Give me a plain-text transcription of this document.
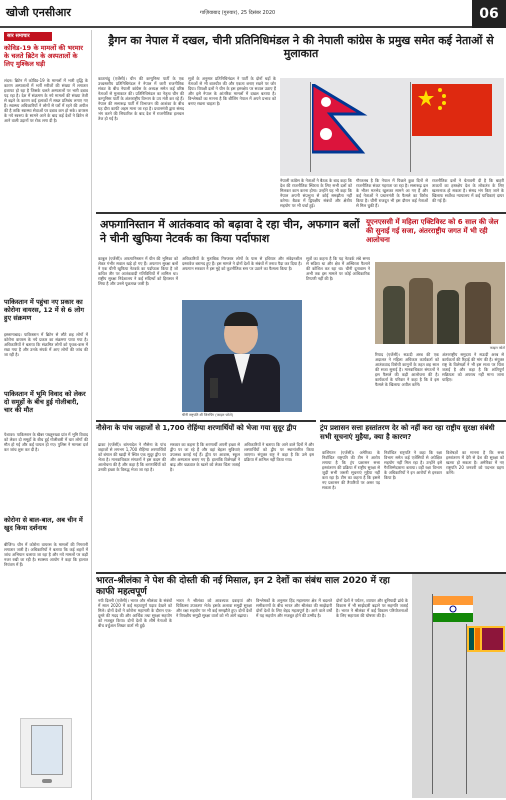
खोजी एनसीआर	गाज़ियाबाद (गुरुवार), 25 दिसंबर 2020	06
सार समाचार
कोविड-19 के मामलों की भरमार के चलते ब्रिटेन के अस्पतालों के लिए मुश्किल घड़ी
लंदन। ब्रिटेन में कोविड-19 के मामलों में भारी वृद्धि के कारण अस्पतालों में भर्ती मरीजों की संख्या में लगातार इजाफा हो रहा है जिसके चलते अस्पतालों पर भारी दबाव पड़ रहा है। देश में संक्रमण के नये मामलों की संख्या तेजी से बढ़ने के कारण कई इलाकों में सख्त प्रतिबंध लगाए गए हैं। स्वास्थ्य अधिकारियों ने लोगों से घरों में रहने की अपील की है ताकि स्वास्थ्य सेवाओं पर दबाव कम हो सके। वायरस के नये स्वरूप के सामने आने के बाद कई देशों ने ब्रिटेन से आने वाली उड़ानों पर रोक लगा दी है।
पाकिस्तान में पहुंचा नए प्रकार का कोरोना वायरस, 12 में से 6 लोग हुए संक्रमण
इस्लामाबाद। पाकिस्तान में ब्रिटेन से लौटे छह लोगों में कोरोना वायरस के नये प्रकार का संक्रमण पाया गया है। अधिकारियों ने बताया कि संक्रमित लोगों को पृथक-वास में रखा गया है और उनके संपर्क में आए लोगों की जांच की जा रही है।
पाकिस्तान में भूमि विवाद को लेकर दो समूहों के बीच हुई गोलीबारी, चार की मौत
पेशावर। पाकिस्तान के खैबर पख्तूनख्वा प्रांत में भूमि विवाद को लेकर दो समूहों के बीच हुई गोलीबारी में चार लोगों की मौत हो गई और कई घायल हो गए। पुलिस ने मामला दर्ज कर जांच शुरू कर दी है।
कोरोना से बाल-बाल, अब चीन में खुद किया दर्शनाथ
बीजिंग। चीन में कोरोना वायरस के मामलों की निगरानी लगातार जारी है। अधिकारियों ने बताया कि कई शहरों में जांच अभियान चलाया जा रहा है और नये मामलों पर कड़ी नजर रखी जा रही है। स्वास्थ्य आयोग ने कहा कि हालात नियंत्रण में हैं।
ड्रैगन का नेपाल में दखल, चीनी प्रतिनिधिमंडल ने की नेपाली कांग्रेस के प्रमुख समेत कई नेताओं से मुलाकात
काठमांडू (एजेंसी)। चीन की कम्युनिस्ट पार्टी के एक उच्चस्तरीय प्रतिनिधिमंडल ने नेपाल में जारी राजनीतिक संकट के बीच नेपाली कांग्रेस के अध्यक्ष समेत कई वरिष्ठ नेताओं से मुलाकात की। प्रतिनिधिमंडल का नेतृत्व चीन की कम्युनिस्ट पार्टी के अंतरराष्ट्रीय विभाग के उप मंत्री कर रहे हैं। नेपाल की सत्तारूढ़ पार्टी में विभाजन की आशंका के बीच यह दौरा काफी अहम माना जा रहा है। प्रधानमंत्री द्वारा संसद भंग करने की सिफारिश के बाद देश में राजनीतिक हलचल तेज हो गई है।
सूत्रों के अनुसार प्रतिनिधिमंडल ने पार्टी के दोनों धड़ों के नेताओं से भी बातचीत की और एकता बनाए रखने पर जोर दिया। विपक्षी दलों ने चीन के इस हस्तक्षेप पर सवाल उठाए हैं और इसे नेपाल के आंतरिक मामलों में दखल बताया है। विश्लेषकों का मानना है कि बीजिंग नेपाल में अपने प्रभाव को बनाए रखना चाहता है।
नेपाली कांग्रेस के नेताओं ने बैठक के बाद कहा कि देश की राजनीतिक स्थिरता के लिए सभी दलों को मिलकर काम करना होगा। उन्होंने यह भी कहा कि नेपाल अपनी संप्रभुता से कोई समझौता नहीं करेगा। बैठक में द्विपक्षीय संबंधों और क्षेत्रीय सहयोग पर भी चर्चा हुई।
गौरतलब है कि नेपाल में पिछले कुछ दिनों से राजनीतिक संकट गहराता जा रहा है। सत्तारूढ़ दल के भीतर मतभेद खुलकर सामने आ गए हैं और कई नेताओं ने प्रधानमंत्री के फैसले का विरोध किया है। चीनी राजदूत भी इस दौरान कई नेताओं से मिल चुकी हैं।
राजनीतिक दलों ने चेतावनी दी है कि बाहरी ताकतों का हस्तक्षेप देश के लोकतंत्र के लिए खतरनाक हो सकता है। संसद भंग किए जाने के खिलाफ सर्वोच्च न्यायालय में कई याचिकाएं दायर की गई हैं।
अफगानिस्तान में आतंकवाद को बढ़ावा दे रहा चीन, अफगान बलों ने चीनी खुफिया नेटवर्क का किया पर्दाफाश
यूएनएससी में महिला एक्टिविस्ट को 6 साल की जेल की सुनाई गई सजा, अंतरराष्ट्रीय जगत में भी रही आलोचना
काबुल (एजेंसी)। अफगानिस्तान में चीन की भूमिका को लेकर गंभीर सवाल खड़े हो गए हैं। अफगान सुरक्षा बलों ने एक चीनी खुफिया नेटवर्क का पर्दाफाश किया है जो कथित तौर पर आतंकवादी गतिविधियों में शामिल था। राष्ट्रीय सुरक्षा निदेशालय ने कई संदिग्धों को हिरासत में लिया है और उनसे पूछताछ जारी है।
अधिकारियों के मुताबिक गिरफ्तार लोगों के पास से हथियार और संवेदनशील दस्तावेज बरामद हुए हैं। इस मामले ने दोनों देशों के संबंधों में तनाव पैदा कर दिया है। अफगान सरकार ने इस मुद्दे को कूटनीतिक स्तर पर उठाने का फैसला किया है।
चीनी राष्ट्रपति शी जिनपिंग (फाइल फोटो)
सूत्रों का कहना है कि यह नेटवर्क लंबे समय से सक्रिय था और क्षेत्र में अस्थिरता फैलाने की कोशिश कर रहा था। चीनी दूतावास ने अभी तक इस मामले पर कोई आधिकारिक टिप्पणी नहीं की है।
फाइल फोटो
रियाद (एजेंसी)। सऊदी अरब की एक अदालत ने महिला अधिकार कार्यकर्ता को आतंकवाद विरोधी कानूनों के तहत छह साल की सजा सुनाई है। मानवाधिकार संगठनों ने इस फैसले की कड़ी आलोचना की है। कार्यकर्ता के परिवार ने कहा है कि वे इस फैसले के खिलाफ अपील करेंगे।
अंतरराष्ट्रीय समुदाय ने सऊदी अरब से कार्यकर्ता की रिहाई की मांग की है। संयुक्त राष्ट्र के विशेषज्ञों ने भी इस सजा पर चिंता जताई है और कहा है कि शांतिपूर्ण सक्रियता को अपराध नहीं माना जाना चाहिए।
नौसेना के पांच जहाजों से 1,700 रोहिंग्या शरणार्थियों को भेजा गया सुदूर द्वीप
ढाका (एजेंसी)। बांग्लादेश ने नौसेना के पांच जहाजों से लगभग 1,700 रोहिंग्या शरणार्थियों को बंगाल की खाड़ी में स्थित एक सुदूर द्वीप पर भेजा है। मानवाधिकार संगठनों ने इस कदम की आलोचना की है और कहा है कि शरणार्थियों को उनकी इच्छा के विरुद्ध भेजा जा रहा है।
सरकार का कहना है कि शरणार्थी अपनी इच्छा से द्वीप पर जा रहे हैं और वहां बेहतर सुविधाएं उपलब्ध कराई गई हैं। द्वीप पर आवास, स्कूल और अस्पताल बनाए गए हैं। हालांकि विशेषज्ञों ने बाढ़ और चक्रवात के खतरे को लेकर चिंता जताई है।
अधिकारियों ने बताया कि आने वाले दिनों में और शरणार्थियों को द्वीप पर स्थानांतरित किया जाएगा। संयुक्त राष्ट्र ने कहा है कि उसे इस प्रक्रिया में शामिल नहीं किया गया।
ट्रंप प्रशासन सत्ता हस्तांतरण देर को नहीं करा रहा राष्ट्रीय सुरक्षा संबंधी सभी सूचनाएं मुहैया, क्या है कारण?
वाशिंगटन (एजेंसी)। अमेरिका के निर्वाचित राष्ट्रपति की टीम ने आरोप लगाया है कि ट्रंप प्रशासन सत्ता हस्तांतरण की प्रक्रिया में राष्ट्रीय सुरक्षा से जुड़ी सभी जरूरी सूचनाएं मुहैया नहीं करा रहा है। टीम का कहना है कि इससे नए प्रशासन की तैयारियों पर असर पड़ सकता है।
निर्वाचित राष्ट्रपति ने कहा कि रक्षा विभाग समेत कई एजेंसियों से अपेक्षित सहयोग नहीं मिल रहा है। उन्होंने इसे गैरजिम्मेदाराना बताया। वहीं रक्षा विभाग के अधिकारियों ने इन आरोपों से इनकार किया है।
विशेषज्ञों का मानना है कि सत्ता हस्तांतरण में देरी से देश की सुरक्षा को खतरा हो सकता है। अमेरिका में नए राष्ट्रपति 20 जनवरी को पदभार ग्रहण करेंगे।
भारत-श्रीलंका ने पेश की दोस्ती की नई मिसाल, इन 2 देशों का संबंध साल 2020 में रहा काफी महत्वपूर्ण
नयी दिल्ली (एजेंसी)। भारत और श्रीलंका के संबंधों में साल 2020 में कई महत्वपूर्ण पड़ाव देखने को मिले। दोनों देशों ने कोरोना महामारी के दौरान एक-दूसरे की मदद की और आर्थिक तथा सुरक्षा सहयोग को मजबूत किया। दोनों देशों के शीर्ष नेताओं के बीच वर्चुअल शिखर वार्ता भी हुई।
भारत ने श्रीलंका को आवश्यक दवाइयां और चिकित्सा उपकरण भेजे। इसके अलावा समुद्री सुरक्षा और रक्षा सहयोग पर भी कई समझौते हुए। दोनों देशों ने त्रिपक्षीय समुद्री सुरक्षा वार्ता को भी आगे बढ़ाया।
विश्लेषकों के अनुसार हिंद महासागर क्षेत्र में बदलते समीकरणों के बीच भारत और श्रीलंका की साझेदारी दोनों देशों के लिए बेहद महत्वपूर्ण है। आने वाले वर्षों में यह सहयोग और मजबूत होने की उम्मीद है।
दोनों देशों ने पर्यटन, व्यापार और बुनियादी ढांचे के विकास में भी साझेदारी बढ़ाने पर सहमति जताई है। भारत ने श्रीलंका में कई विकास परियोजनाओं के लिए सहायता की घोषणा की है।
